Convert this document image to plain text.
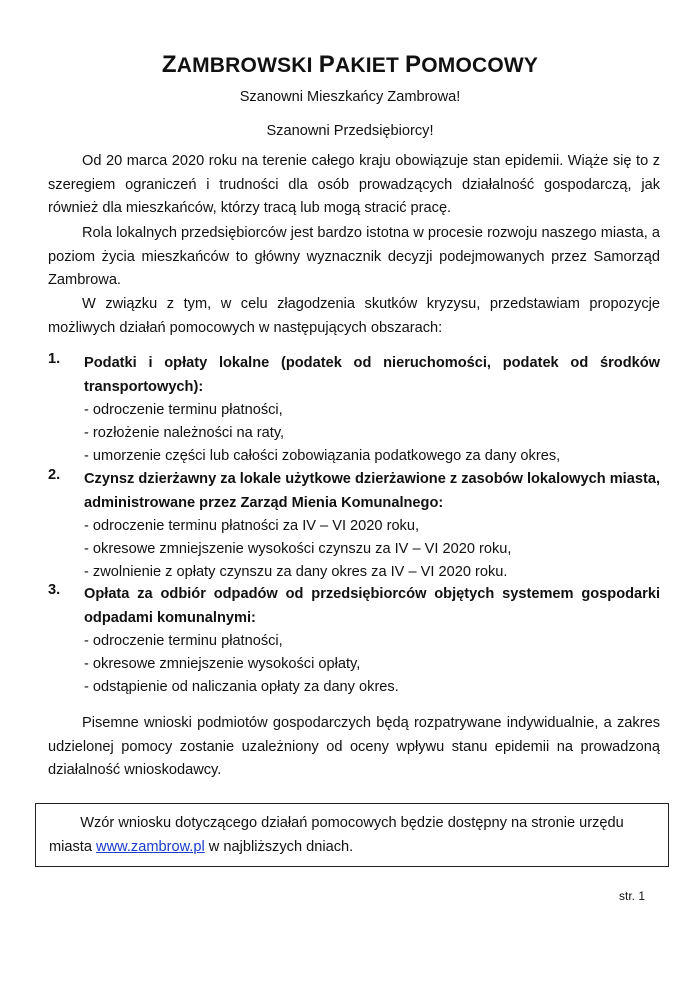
ZAMBROWSKI PAKIET POMOCOWY
Szanowni Mieszkańcy Zambrowa!
Szanowni Przedsiębiorcy!

Od 20 marca 2020 roku na terenie całego kraju obowiązuje stan epidemii. Wiąże się to z szeregiem ograniczeń i trudności dla osób prowadzących działalność gospodarczą, jak również dla mieszkańców, którzy tracą lub mogą stracić pracę.

Rola lokalnych przedsiębiorców jest bardzo istotna w procesie rozwoju naszego miasta, a poziom życia mieszkańców to główny wyznacznik decyzji podejmowanych przez Samorząd Zambrowa.

W związku z tym, w celu złagodzenia skutków kryzysu, przedstawiam propozycje możliwych działań pomocowych w następujących obszarach:

1.	Podatki i opłaty lokalne (podatek od nieruchomości, podatek od środków transportowych):
- odroczenie terminu płatności,
- rozłożenie należności na raty,
- umorzenie części lub całości zobowiązania podatkowego za dany okres,
2.	Czynsz dzierżawny za lokale użytkowe dzierżawione z zasobów lokalowych miasta, administrowane przez Zarząd Mienia Komunalnego:
- odroczenie terminu płatności za IV – VI 2020 roku,
- okresowe zmniejszenie wysokości czynszu za IV – VI 2020 roku,
- zwolnienie z opłaty czynszu za dany okres za IV – VI 2020 roku.
3.	Opłata za odbiór odpadów od przedsiębiorców objętych systemem gospodarki odpadami komunalnymi:
- odroczenie terminu płatności,
- okresowe zmniejszenie wysokości opłaty,
- odstąpienie od naliczania opłaty za dany okres.

Pisemne wnioski podmiotów gospodarczych będą rozpatrywane indywidualnie, a zakres udzielonej pomocy zostanie uzależniony od oceny wpływu stanu epidemii na prowadzoną działalność wnioskodawcy.

Wzór wniosku dotyczącego działań pomocowych będzie dostępny na stronie urzędu
miasta www.zambrow.pl w najbliższych dniach.
str. 1
